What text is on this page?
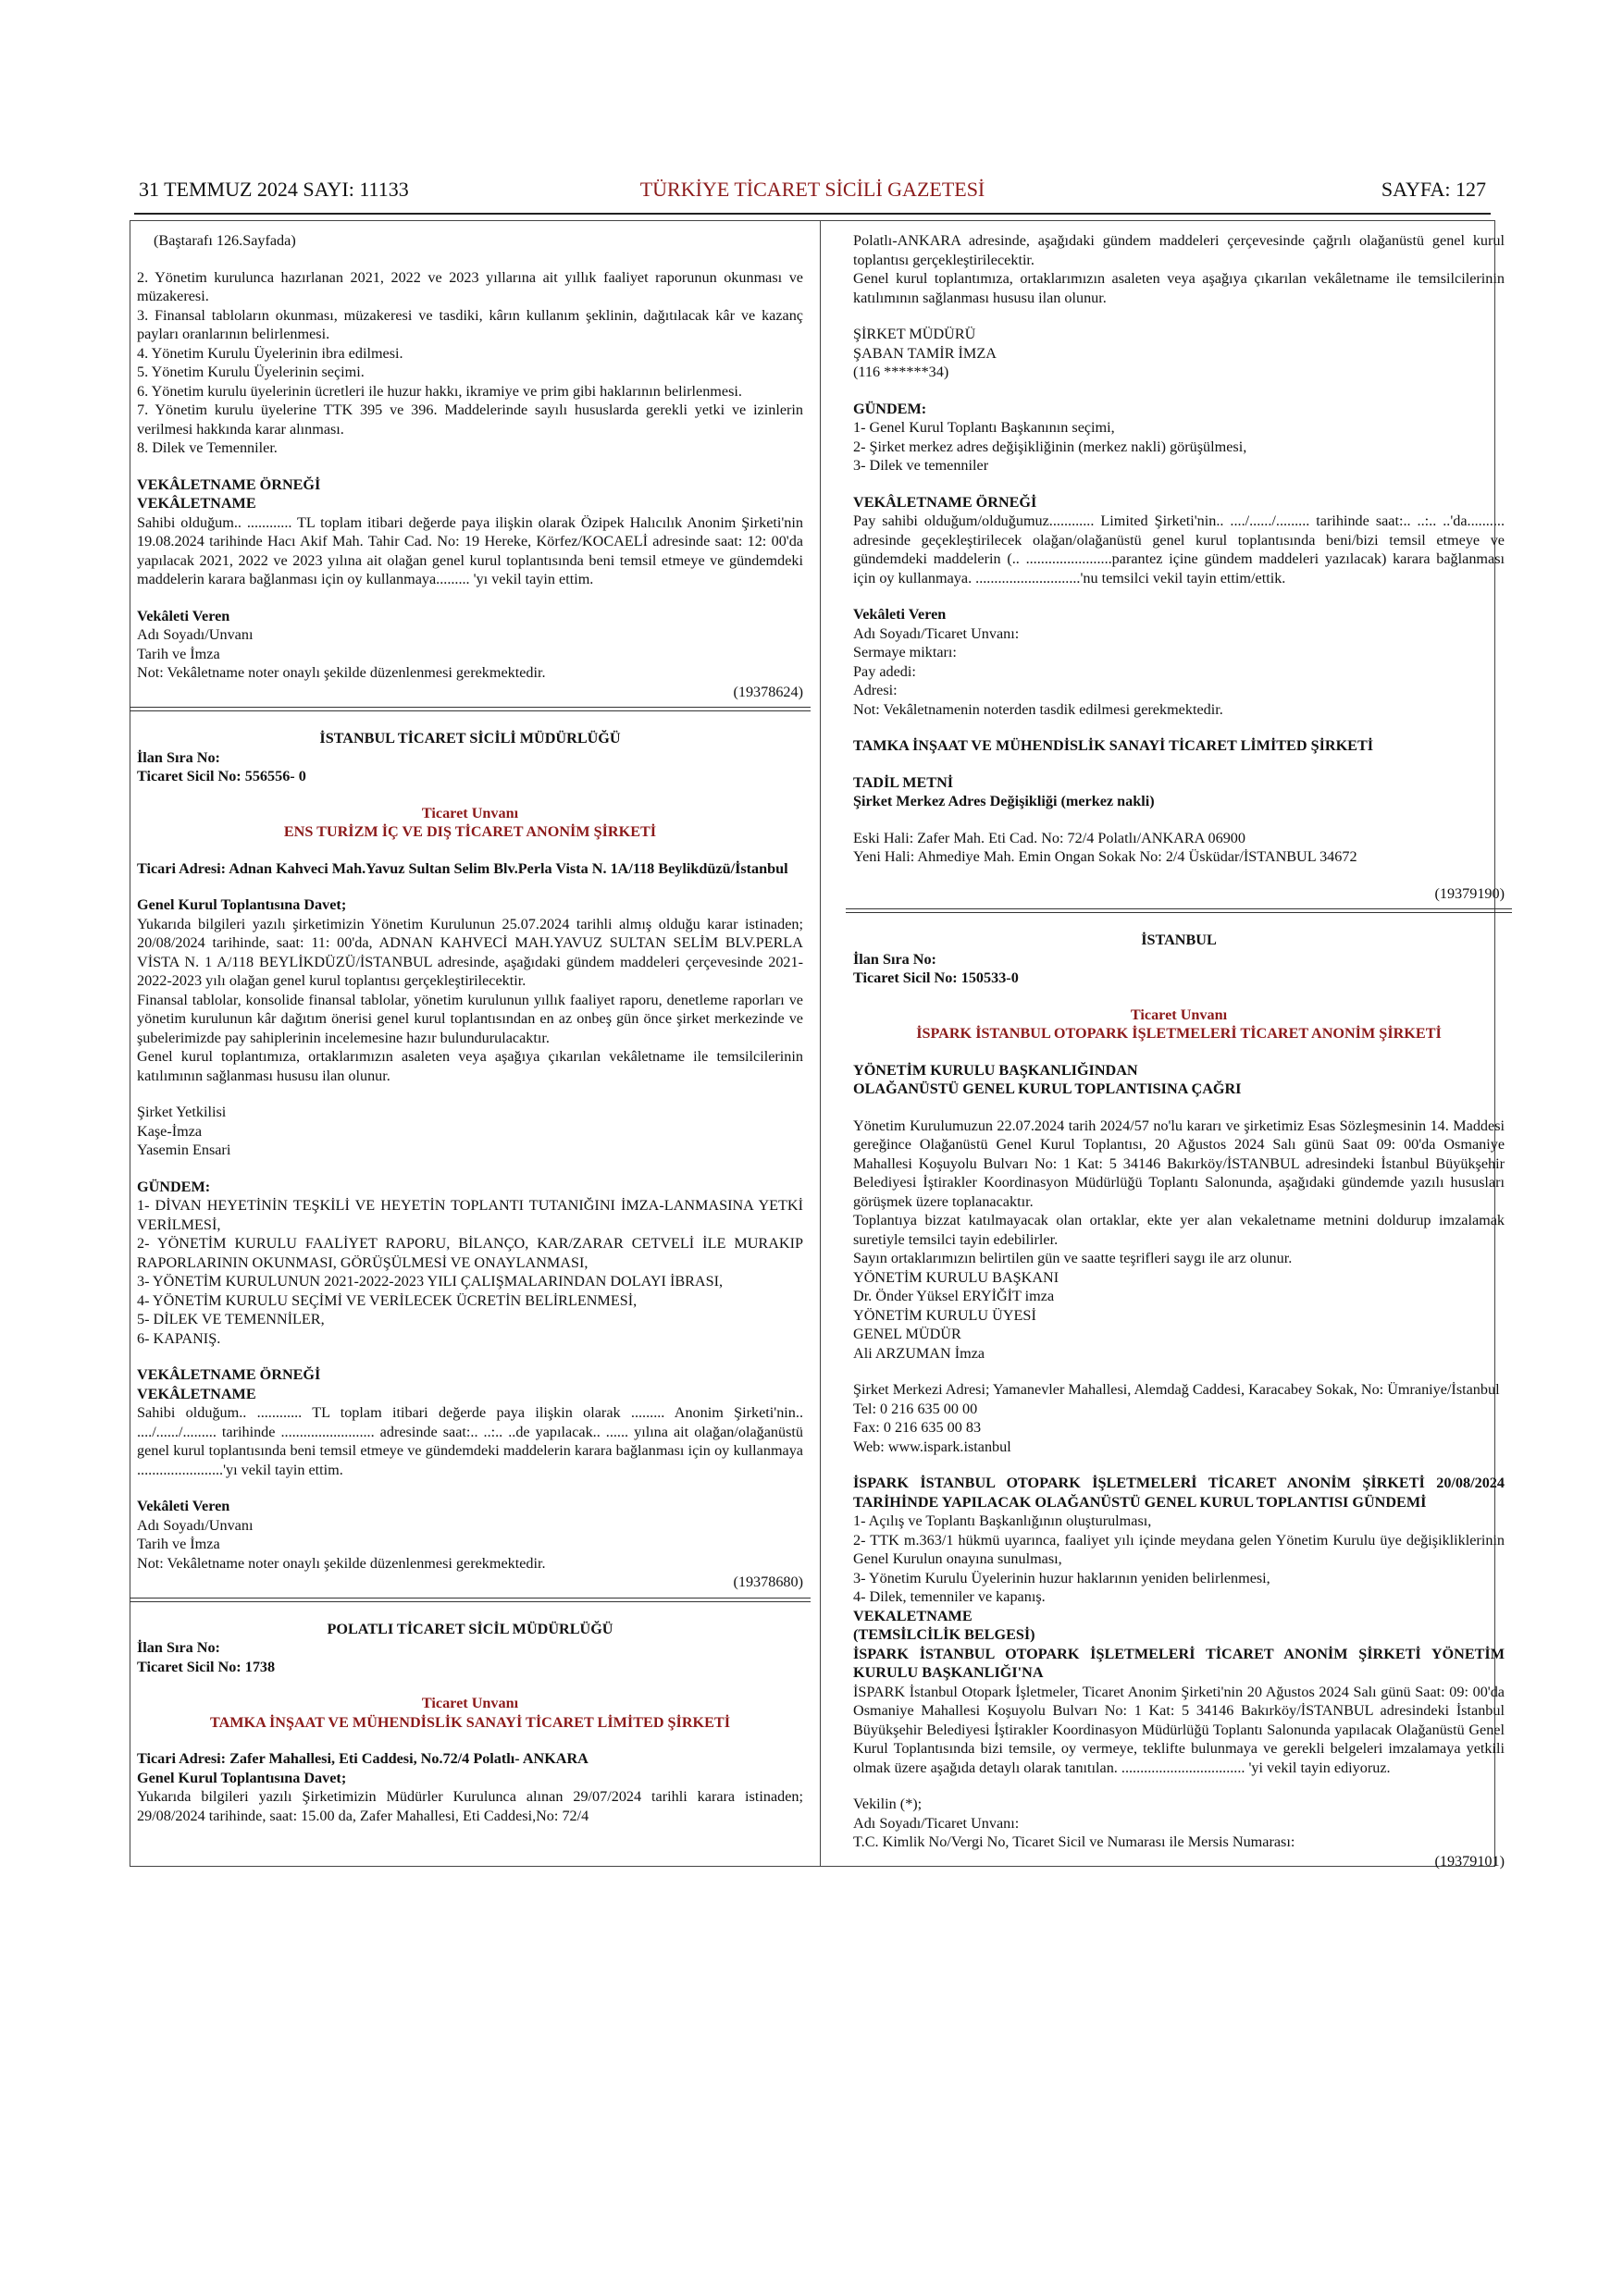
TÜRKİYE TİCARET SİCİLİ GAZETESİ
31 TEMMUZ 2024 SAYI: 11133	SAYFA: 127

(Baştarafı 126.Sayfada)

2. Yönetim kurulunca hazırlanan 2021, 2022 ve 2023 yıllarına ait yıllık faaliyet raporunun okunması ve müzakeresi.

3. Finansal tabloların okunması, müzakeresi ve tasdiki, kârın kullanım şeklinin, dağıtılacak kâr ve kazanç payları oranlarının belirlenmesi.

4. Yönetim Kurulu Üyelerinin ibra edilmesi.

5. Yönetim Kurulu Üyelerinin seçimi.

6. Yönetim kurulu üyelerinin ücretleri ile huzur hakkı, ikramiye ve prim gibi haklarının belirlenmesi.

7. Yönetim kurulu üyelerine TTK 395 ve 396. Maddelerinde sayılı hususlarda gerekli yetki ve izinlerin verilmesi hakkında karar alınması.

8. Dilek ve Temenniler.

VEKÂLETNAME ÖRNEĞİ

VEKÂLETNAME

Sahibi olduğum.. ............ TL toplam itibari değerde paya ilişkin olarak Özipek Halıcılık Anonim Şirketi'nin 19.08.2024 tarihinde Hacı Akif Mah. Tahir Cad. No: 19 Hereke, Körfez/KOCAELİ adresinde saat: 12: 00'da yapılacak 2021, 2022 ve 2023 yılına ait olağan genel kurul toplantısında beni temsil etmeye ve gündemdeki maddelerin karara bağlanması için oy kullanmaya......... 'yı vekil tayin ettim.

Vekâleti Veren

Adı Soyadı/Unvanı

Tarih ve İmza

Not: Vekâletname noter onaylı şekilde düzenlenmesi gerekmektedir.

(19378624)

İSTANBUL TİCARET SİCİLİ MÜDÜRLÜĞÜ

İlan Sıra No:

Ticaret Sicil No: 556556- 0

Ticaret Unvanı

ENS TURİZM İÇ VE DIŞ TİCARET ANONİM ŞİRKETİ

Ticari Adresi: Adnan Kahveci Mah.Yavuz Sultan Selim Blv.Perla Vista N. 1A/118 Beylikdüzü/İstanbul

Genel Kurul Toplantısına Davet;

Yukarıda bilgileri yazılı şirketimizin Yönetim Kurulunun 25.07.2024 tarihli almış olduğu karar istinaden; 20/08/2024 tarihinde, saat: 11: 00'da, ADNAN KAHVECİ MAH.YAVUZ SULTAN SELİM BLV.PERLA VİSTA N. 1 A/118 BEYLİKDÜZÜ/İSTANBUL adresinde, aşağıdaki gündem maddeleri çerçevesinde 2021-2022-2023 yılı olağan genel kurul toplantısı gerçekleştirilecektir.

Finansal tablolar, konsolide finansal tablolar, yönetim kurulunun yıllık faaliyet raporu, denetleme raporları ve yönetim kurulunun kâr dağıtım önerisi genel kurul toplantısından en az onbeş gün önce şirket merkezinde ve şubelerimizde pay sahiplerinin incelemesine hazır bulundurulacaktır.

Genel kurul toplantımıza, ortaklarımızın asaleten veya aşağıya çıkarılan vekâletname ile temsilcilerinin katılımının sağlanması hususu ilan olunur.

Şirket Yetkilisi

Kaşe-İmza

Yasemin Ensari

GÜNDEM:

1- DİVAN HEYETİNİN TEŞKİLİ VE HEYETİN TOPLANTI TUTANIĞINI İMZA-LANMASINA YETKİ VERİLMESİ,

2- YÖNETİM KURULU FAALİYET RAPORU, BİLANÇO, KAR/ZARAR CETVELİ İLE MURAKIP RAPORLARININ OKUNMASI, GÖRÜŞÜLMESİ VE ONAYLANMASI,

3- YÖNETİM KURULUNUN 2021-2022-2023 YILI ÇALIŞMALARINDAN DOLAYI İBRASI,

4- YÖNETİM KURULU SEÇİMİ VE VERİLECEK ÜCRETİN BELİRLENMESİ,

5- DİLEK VE TEMENNİLER,

6- KAPANIŞ.

VEKÂLETNAME ÖRNEĞİ

VEKÂLETNAME

Sahibi olduğum.. ............ TL toplam itibari değerde paya ilişkin olarak ......... Anonim Şirketi'nin.. ..../....../......... tarihinde ......................... adresinde saat:.. ..:.. ..de yapılacak.. ...... yılına ait olağan/olağanüstü genel kurul toplantısında beni temsil etmeye ve gündemdeki maddelerin karara bağlanması için oy kullanmaya .......................'yı vekil tayin ettim.

Vekâleti Veren

Adı Soyadı/Unvanı

Tarih ve İmza

Not: Vekâletname noter onaylı şekilde düzenlenmesi gerekmektedir.

(19378680)

POLATLI TİCARET SİCİL MÜDÜRLÜĞÜ

İlan Sıra No:

Ticaret Sicil No: 1738

Ticaret Unvanı

TAMKA İNŞAAT VE MÜHENDİSLİK SANAYİ TİCARET LİMİTED ŞİRKETİ

Ticari Adresi: Zafer Mahallesi, Eti Caddesi, No.72/4 Polatlı- ANKARA

Genel Kurul Toplantısına Davet;

Yukarıda bilgileri yazılı Şirketimizin Müdürler Kurulunca alınan 29/07/2024 tarihli karara istinaden; 29/08/2024 tarihinde, saat: 15.00 da, Zafer Mahallesi, Eti Caddesi,No: 72/4

Polatlı-ANKARA adresinde, aşağıdaki gündem maddeleri çerçevesinde çağrılı olağanüstü genel kurul toplantısı gerçekleştirilecektir.

Genel kurul toplantımıza, ortaklarımızın asaleten veya aşağıya çıkarılan vekâletname ile temsilcilerinin katılımının sağlanması hususu ilan olunur.

ŞİRKET MÜDÜRÜ

ŞABAN TAMİR İMZA

(116 ******34)

GÜNDEM:

1- Genel Kurul Toplantı Başkanının seçimi,

2- Şirket merkez adres değişikliğinin (merkez nakli) görüşülmesi,

3- Dilek ve temenniler

VEKÂLETNAME ÖRNEĞİ

Pay sahibi olduğum/olduğumuz............ Limited Şirketi'nin.. ..../....../......... tarihinde saat:.. ..:.. ..'da.......... adresinde geçekleştirilecek olağan/olağanüstü genel kurul toplantısında beni/bizi temsil etmeye ve gündemdeki maddelerin (.. .......................parantez içine gündem maddeleri yazılacak) karara bağlanması için oy kullanmaya. ............................'nu temsilci vekil tayin ettim/ettik.

Vekâleti Veren

Adı Soyadı/Ticaret Unvanı:

Sermaye miktarı:

Pay adedi:

Adresi:

Not: Vekâletnamenin noterden tasdik edilmesi gerekmektedir.

TAMKA İNŞAAT VE MÜHENDİSLİK SANAYİ TİCARET LİMİTED ŞİRKETİ

TADİL METNİ

Şirket Merkez Adres Değişikliği (merkez nakli)

Eski Hali: Zafer Mah. Eti Cad. No: 72/4 Polatlı/ANKARA 06900

Yeni Hali: Ahmediye Mah. Emin Ongan Sokak No: 2/4 Üsküdar/İSTANBUL 34672

(19379190)

İSTANBUL

İlan Sıra No:

Ticaret Sicil No: 150533-0

Ticaret Unvanı

İSPARK İSTANBUL OTOPARK İŞLETMELERİ TİCARET ANONİM ŞİRKETİ

YÖNETİM KURULU BAŞKANLIĞINDAN

OLAĞANÜSTÜ GENEL KURUL TOPLANTISINA ÇAĞRI

Yönetim Kurulumuzun 22.07.2024 tarih 2024/57 no'lu kararı ve şirketimiz Esas Sözleşmesinin 14. Maddesi gereğince Olağanüstü Genel Kurul Toplantısı, 20 Ağustos 2024 Salı günü Saat 09: 00'da Osmaniye Mahallesi Koşuyolu Bulvarı No: 1 Kat: 5 34146 Bakırköy/İSTANBUL adresindeki İstanbul Büyükşehir Belediyesi İştirakler Koordinasyon Müdürlüğü Toplantı Salonunda, aşağıdaki gündemde yazılı hususları görüşmek üzere toplanacaktır.

Toplantıya bizzat katılmayacak olan ortaklar, ekte yer alan vekaletname metnini doldurup imzalamak suretiyle temsilci tayin edebilirler.

Sayın ortaklarımızın belirtilen gün ve saatte teşrifleri saygı ile arz olunur.

YÖNETİM KURULU BAŞKANI

Dr. Önder Yüksel ERYİĞİT imza

YÖNETİM KURULU ÜYESİ

GENEL MÜDÜR

Ali ARZUMAN İmza

Şirket Merkezi Adresi; Yamanevler Mahallesi, Alemdağ Caddesi, Karacabey Sokak, No: Ümraniye/İstanbul

Tel: 0 216 635 00 00

Fax: 0 216 635 00 83

Web: www.ispark.istanbul

İSPARK İSTANBUL OTOPARK İŞLETMELERİ TİCARET ANONİM ŞİRKETİ 20/08/2024 TARİHİNDE YAPILACAK OLAĞANÜSTÜ GENEL KURUL TOPLANTISI GÜNDEMİ

1- Açılış ve Toplantı Başkanlığının oluşturulması,

2- TTK m.363/1 hükmü uyarınca, faaliyet yılı içinde meydana gelen Yönetim Kurulu üye değişikliklerinin Genel Kurulun onayına sunulması,

3- Yönetim Kurulu Üyelerinin huzur haklarının yeniden belirlenmesi,

4- Dilek, temenniler ve kapanış.

VEKALETNAME

(TEMSİLCİLİK BELGESİ)

İSPARK İSTANBUL OTOPARK İŞLETMELERİ TİCARET ANONİM ŞİRKETİ YÖNETİM KURULU BAŞKANLIĞI'NA

İSPARK İstanbul Otopark İşletmeler, Ticaret Anonim Şirketi'nin 20 Ağustos 2024 Salı günü Saat: 09: 00'da Osmaniye Mahallesi Koşuyolu Bulvarı No: 1 Kat: 5 34146 Bakırköy/İSTANBUL adresindeki İstanbul Büyükşehir Belediyesi İştirakler Koordinasyon Müdürlüğü Toplantı Salonunda yapılacak Olağanüstü Genel Kurul Toplantısında bizi temsile, oy vermeye, teklifte bulunmaya ve gerekli belgeleri imzalamaya yetkili olmak üzere aşağıda detaylı olarak tanıtılan. ................................. 'yi vekil tayin ediyoruz.

Vekilin (*);

Adı Soyadı/Ticaret Unvanı:

T.C. Kimlik No/Vergi No, Ticaret Sicil ve Numarası ile Mersis Numarası:

(19379101)
